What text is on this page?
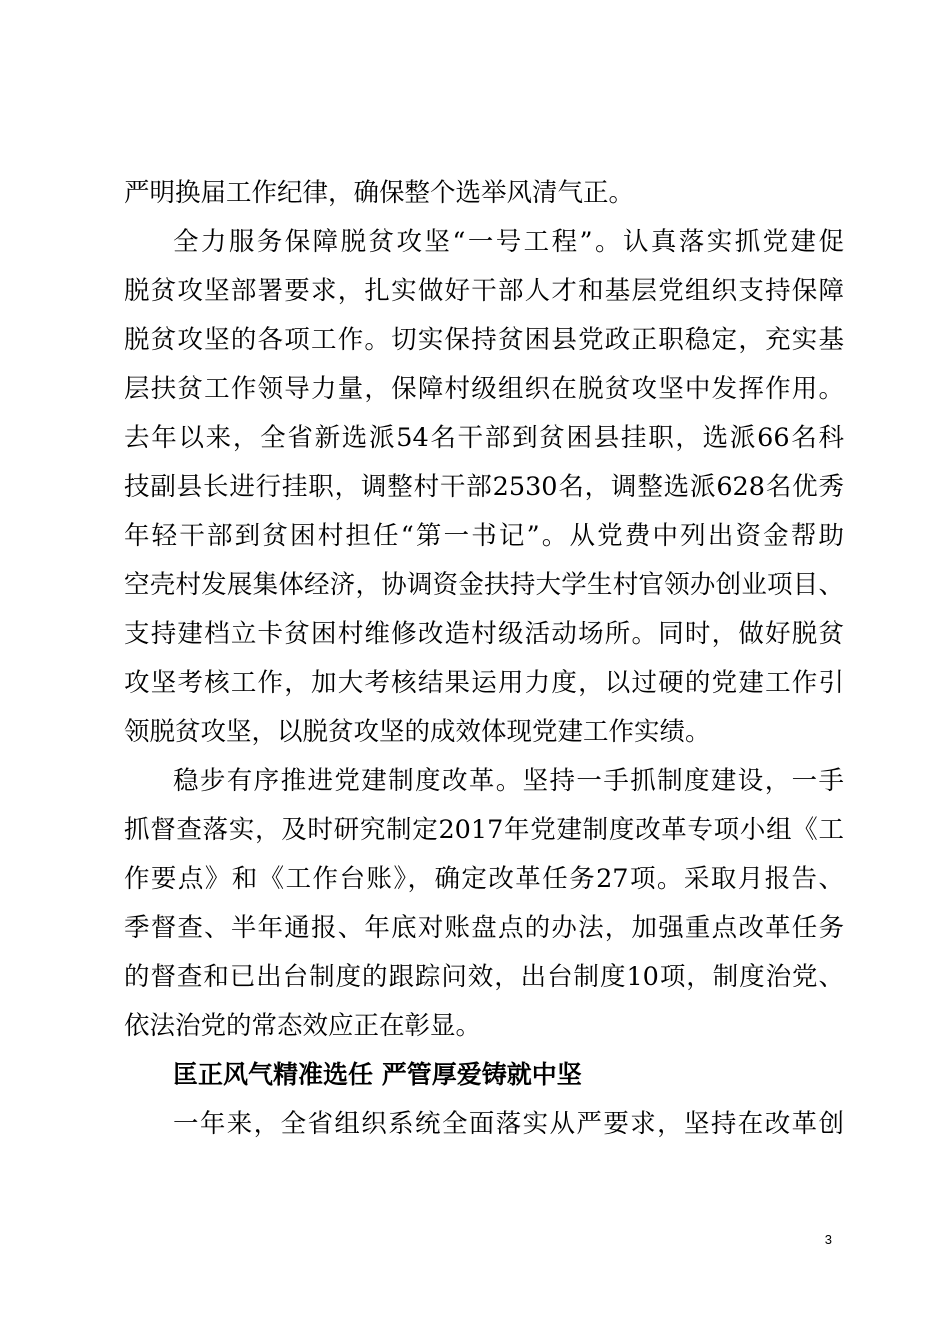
严明换届工作纪律，确保整个选举风清气正。
全力服务保障脱贫攻坚“一号工程”。认真落实抓党建促
脱贫攻坚部署要求，扎实做好干部人才和基层党组织支持保障
脱贫攻坚的各项工作。切实保持贫困县党政正职稳定，充实基
层扶贫工作领导力量，保障村级组织在脱贫攻坚中发挥作用。
去年以来，全省新选派54名干部到贫困县挂职，选派66名科
技副县长进行挂职，调整村干部2530名，调整选派628名优秀
年轻干部到贫困村担任“第一书记”。从党费中列出资金帮助
空壳村发展集体经济，协调资金扶持大学生村官领办创业项目、
支持建档立卡贫困村维修改造村级活动场所。同时，做好脱贫
攻坚考核工作，加大考核结果运用力度，以过硬的党建工作引
领脱贫攻坚，以脱贫攻坚的成效体现党建工作实绩。
稳步有序推进党建制度改革。坚持一手抓制度建设，一手
抓督查落实，及时研究制定2017年党建制度改革专项小组《工
作要点》和《工作台账》，确定改革任务27项。采取月报告、
季督查、半年通报、年底对账盘点的办法，加强重点改革任务
的督查和已出台制度的跟踪问效，出台制度10项，制度治党、
依法治党的常态效应正在彰显。
匡正风气精准选任 严管厚爱铸就中坚
一年来，全省组织系统全面落实从严要求，坚持在改革创
3
